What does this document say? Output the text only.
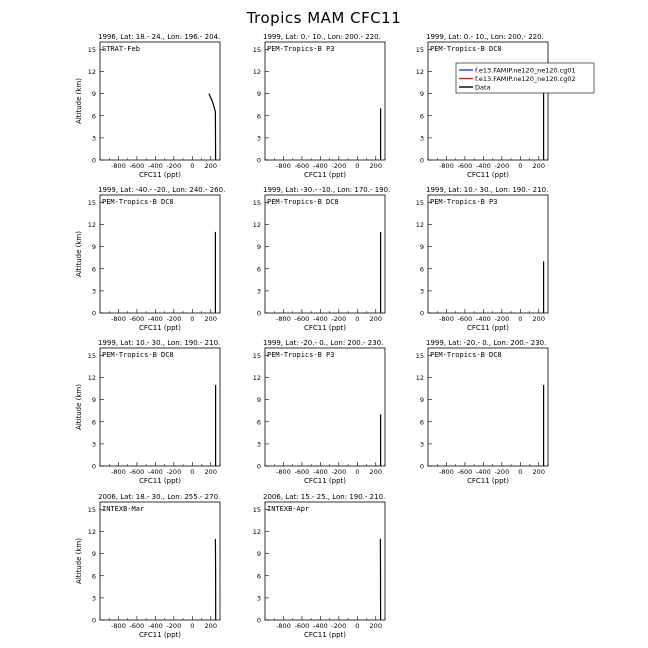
Tropics MAM CFC11
1996, Lat: 18.- 24., Lon: 196.- 204.
STRAT-Feb
-800 -600 -400 -200 0 200
0
3
6
9
12
15
CFC11 (ppt)
Altitude (km)
1999, Lat: 0.- 10., Lon: 200.- 220.
PEM-Tropics-B P3
-800 -600 -400 -200 0 200
0
3
6
9
12
15
CFC11 (ppt)
1999, Lat: 0.- 10., Lon: 200.- 220.
PEM-Tropics-B DC8
-800 -600 -400 -200 0 200
0
3
6
9
12
15
CFC11 (ppt)
f.e13.FAMIP.ne120_ne120.cg01
f.e13.FAMIP.ne120_ne120.cg02
Data
1999, Lat: -40.- -20., Lon: 240.- 260.
PEM-Tropics-B DC8
-800 -600 -400 -200 0 200
0
3
6
9
12
15
CFC11 (ppt)
Altitude (km)
1999, Lat: -30.- -10., Lon: 170.- 190.
PEM-Tropics-B DC8
-800 -600 -400 -200 0 200
0
3
6
9
12
15
CFC11 (ppt)
1999, Lat: 10.- 30., Lon: 190.- 210.
PEM-Tropics-B P3
-800 -600 -400 -200 0 200
0
3
6
9
12
15
CFC11 (ppt)
1999, Lat: 10.- 30., Lon: 190.- 210.
PEM-Tropics-B DC8
-800 -600 -400 -200 0 200
0
3
6
9
12
15
CFC11 (ppt)
Altitude (km)
1999, Lat: -20.- 0., Lon: 200.- 230.
PEM-Tropics-B P3
-800 -600 -400 -200 0 200
0
3
6
9
12
15
CFC11 (ppt)
1999, Lat: -20.- 0., Lon: 200.- 230.
PEM-Tropics-B DC8
-800 -600 -400 -200 0 200
0
3
6
9
12
15
CFC11 (ppt)
2006, Lat: 18.- 30., Lon: 255.- 270.
INTEXB-Mar
-800 -600 -400 -200 0 200
0
3
6
9
12
15
CFC11 (ppt)
Altitude (km)
2006, Lat: 15.- 25., Lon: 190.- 210.
INTEXB-Apr
-800 -600 -400 -200 0 200
0
3
6
9
12
15
CFC11 (ppt)
